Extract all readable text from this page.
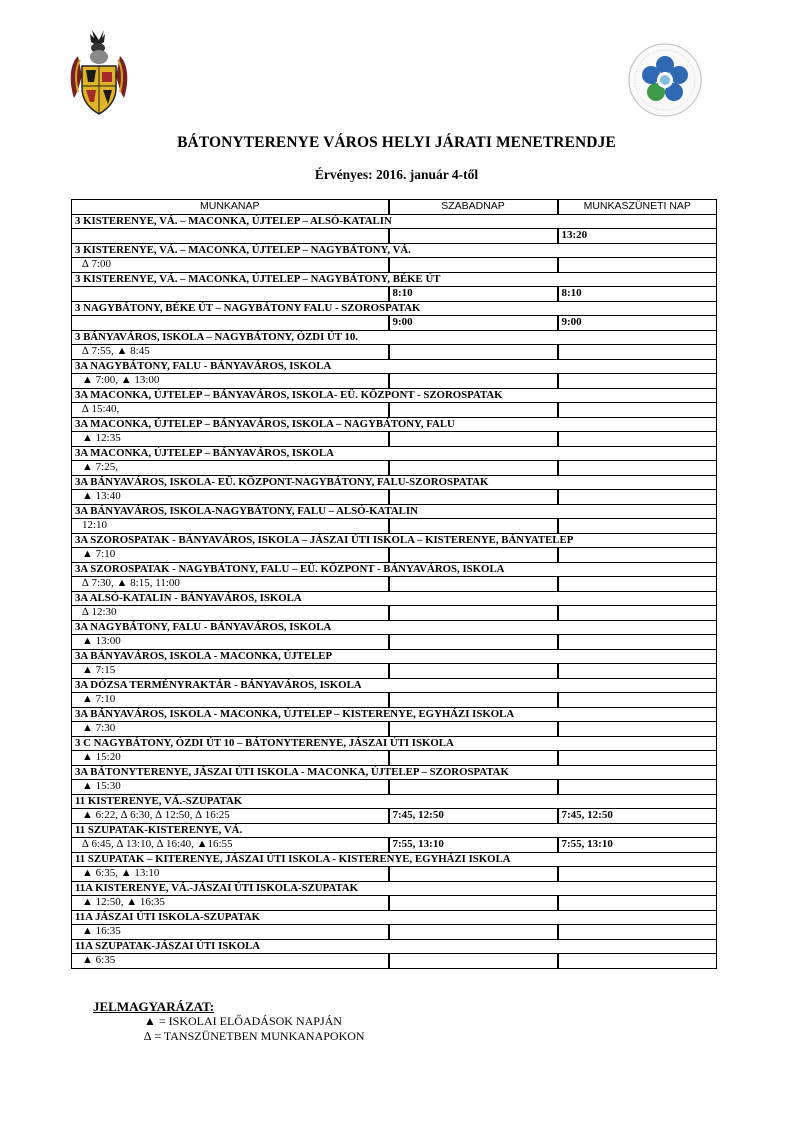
BÁTONYTERENYE VÁROS HELYI JÁRATI MENETRENDJE
Érvényes: 2016. január 4-től
MUNKANAP	SZABADNAP	MUNKASZÜNETI NAP
3 KISTERENYE, VÁ. – MACONKA, ÚJTELEP – ALSÓ-KATALIN		
		13:20
3 KISTERENYE, VÁ. – MACONKA, ÚJTELEP – NAGYBÁTONY, VÁ.		
∆ 7:00		
3 KISTERENYE, VÁ. – MACONKA, ÚJTELEP – NAGYBÁTONY, BÉKE ÚT		
	8:10	8:10
3 NAGYBÁTONY, BÉKE ÚT – NAGYBÁTONY FALU - SZOROSPATAK		
	9:00	9:00
3 BÁNYAVÁROS, ISKOLA – NAGYBÁTONY, ÓZDI ÚT 10.		
∆ 7:55, ▲ 8:45		
3A NAGYBÁTONY, FALU - BÁNYAVÁROS, ISKOLA		
▲ 7:00, ▲ 13:00		
3A MACONKA, ÚJTELEP – BÁNYAVÁROS, ISKOLA- EÜ. KÖZPONT - SZOROSPATAK		
∆ 15:40,		
3A MACONKA, ÚJTELEP – BÁNYAVÁROS, ISKOLA – NAGYBÁTONY, FALU		
▲ 12:35		
3A MACONKA, ÚJTELEP – BÁNYAVÁROS, ISKOLA		
▲ 7:25,		
3A BÁNYAVÁROS, ISKOLA- EÜ. KÖZPONT-NAGYBÁTONY, FALU-SZOROSPATAK		
▲ 13:40		
3A BÁNYAVÁROS, ISKOLA-NAGYBÁTONY, FALU – ALSÓ-KATALIN		
12:10		
3A SZOROSPATAK - BÁNYAVÁROS, ISKOLA – JÁSZAI ÚTI ISKOLA – KISTERENYE, BÁNYATELEP		
▲ 7:10		
3A SZOROSPATAK - NAGYBÁTONY, FALU – EÜ. KÖZPONT - BÁNYAVÁROS, ISKOLA		
∆ 7:30, ▲ 8:15, 11:00		
3A ALSÓ-KATALIN - BÁNYAVÁROS, ISKOLA		
∆ 12:30		
3A NAGYBÁTONY, FALU - BÁNYAVÁROS, ISKOLA		
▲ 13:00		
3A BÁNYAVÁROS, ISKOLA - MACONKA, ÚJTELEP		
▲ 7:15		
3A DÓZSA TERMÉNYRAKTÁR - BÁNYAVÁROS, ISKOLA		
▲ 7:10		
3A BÁNYAVÁROS, ISKOLA - MACONKA, ÚJTELEP – KISTERENYE, EGYHÁZI ISKOLA		
▲ 7:30		
3 C NAGYBÁTONY, ÓZDI ÚT 10 – BÁTONYTERENYE, JÁSZAI ÚTI ISKOLA		
▲ 15:20		
3A BÁTONYTERENYE, JÁSZAI ÚTI ISKOLA - MACONKA, ÚJTELEP – SZOROSPATAK		
▲ 15:30		
11 KISTERENYE, VÁ.-SZUPATAK		
▲ 6:22, ∆ 6:30, ∆ 12:50, ∆ 16:25	7:45, 12:50	7:45, 12:50
11 SZUPATAK-KISTERENYE, VÁ.		
∆ 6:45, ∆ 13:10, ∆ 16:40, ▲16:55	7:55, 13:10	7:55, 13:10
11 SZUPATAK – KITERENYE, JÁSZAI ÚTI ISKOLA - KISTERENYE, EGYHÁZI ISKOLA		
▲ 6:35, ▲ 13:10		
11A KISTERENYE, VÁ.-JÁSZAI ÚTI ISKOLA-SZUPATAK		
▲ 12:50, ▲ 16:35		
11A JÁSZAI ÚTI ISKOLA-SZUPATAK		
▲ 16:35		
11A SZUPATAK-JÁSZAI ÚTI ISKOLA		
▲ 6:35		
JELMAGYARÁZAT:
▲ = ISKOLAI ELŐADÁSOK NAPJÁN
∆ = TANSZÜNETBEN MUNKANAPOKON
